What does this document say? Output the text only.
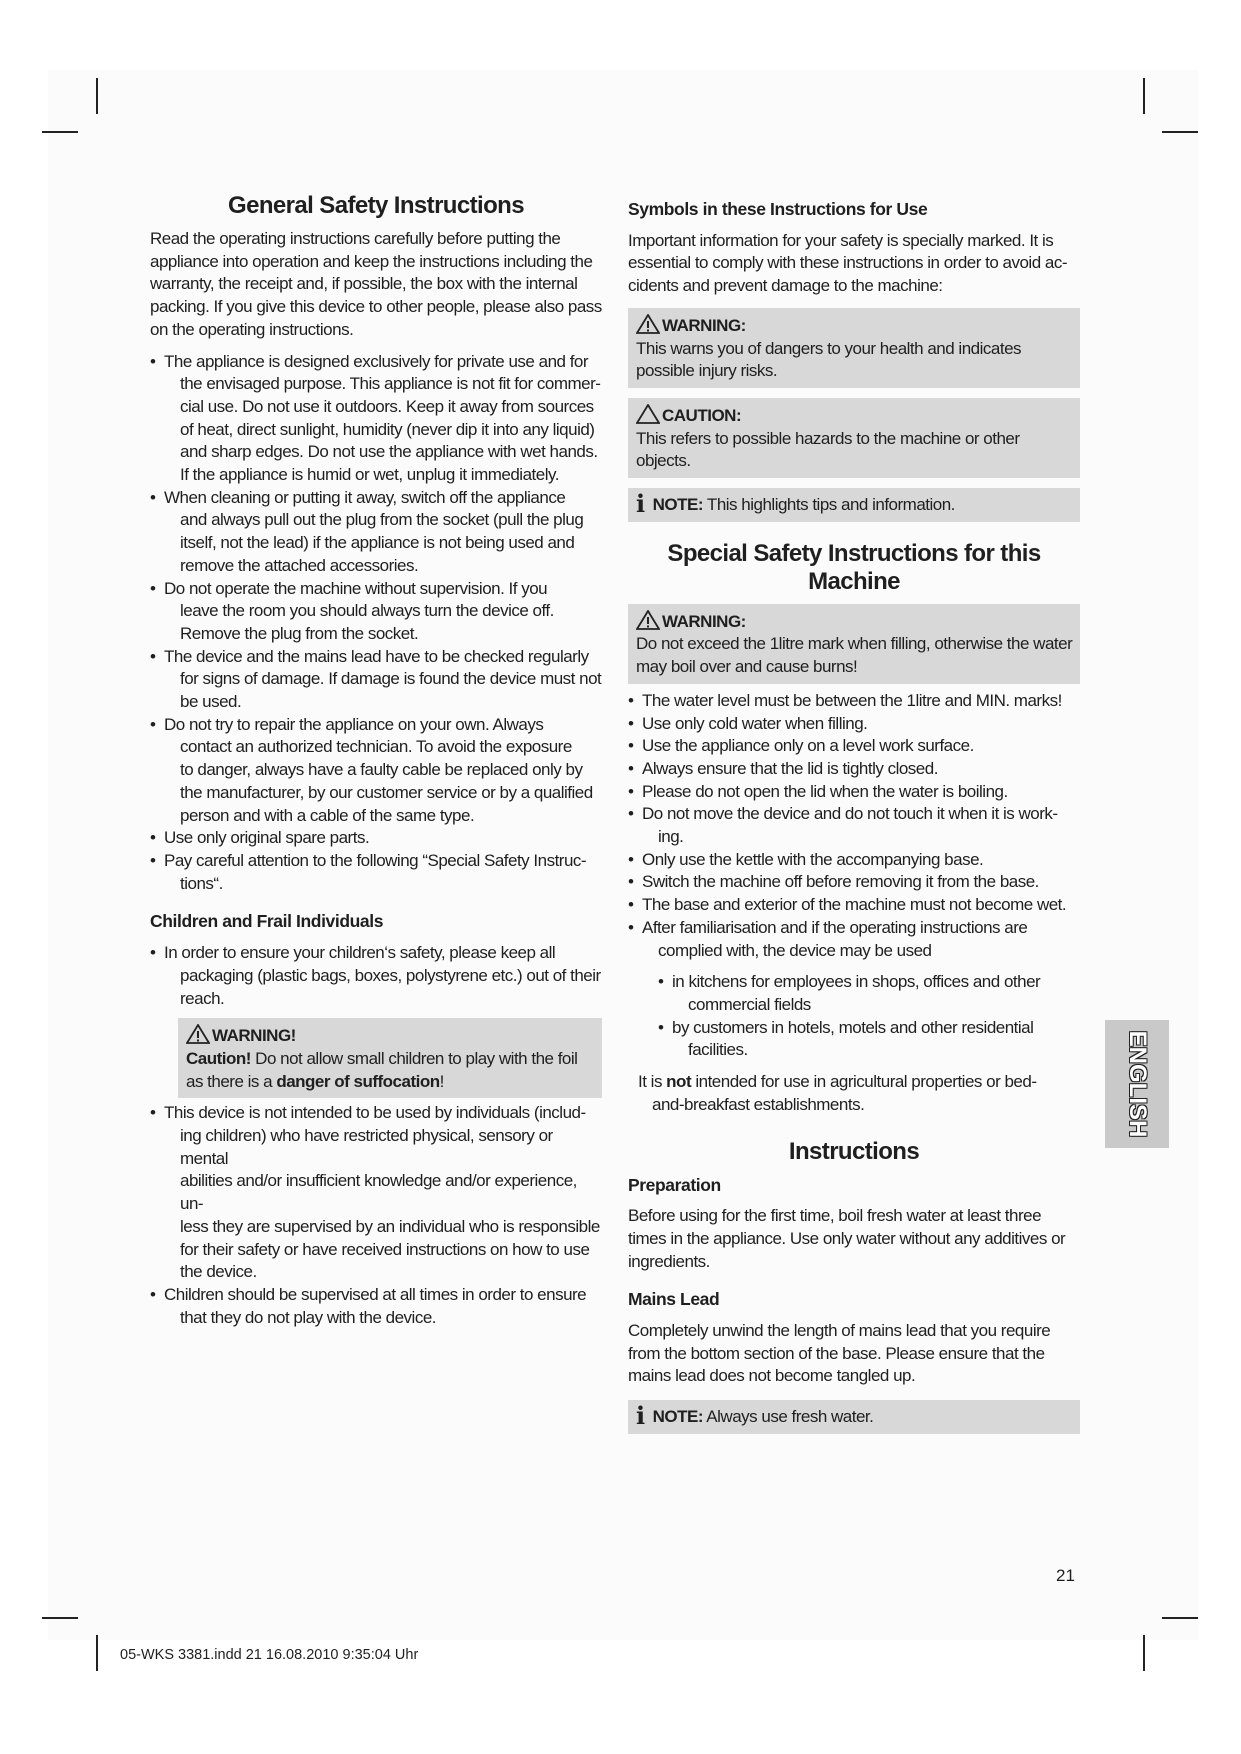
General Safety Instructions

Read the operating instructions carefully before putting the
appliance into operation and keep the instructions including the
warranty, the receipt and, if possible, the box with the internal
packing. If you give this device to other people, please also pass
on the operating instructions.

• The appliance is designed exclusively for private use and for
the envisaged purpose. This appliance is not fit for commer-
cial use. Do not use it outdoors. Keep it away from sources
of heat, direct sunlight, humidity (never dip it into any liquid)
and sharp edges. Do not use the appliance with wet hands.
If the appliance is humid or wet, unplug it immediately.
• When cleaning or putting it away, switch off the appliance
and always pull out the plug from the socket (pull the plug
itself, not the lead) if the appliance is not being used and
remove the attached accessories.
• Do not operate the machine without supervision. If you
leave the room you should always turn the device off.
Remove the plug from the socket.
• The device and the mains lead have to be checked regularly
for signs of damage. If damage is found the device must not
be used.
• Do not try to repair the appliance on your own. Always
contact an authorized technician. To avoid the exposure
to danger, always have a faulty cable be replaced only by
the manufacturer, by our customer service or by a qualified
person and with a cable of the same type.
• Use only original spare parts.
• Pay careful attention to the following “Special Safety Instruc-
tions“.
Children and Frail Individuals
• In order to ensure your children‘s safety, please keep all
packaging (plastic bags, boxes, polystyrene etc.) out of their
reach.
WARNING!
Caution! Do not allow small children to play with the foil
as there is a danger of suffocation!
• This device is not intended to be used by individuals (includ-
ing children) who have restricted physical, sensory or mental
abilities and/or insufficient knowledge and/or experience, un-
less they are supervised by an individual who is responsible
for their safety or have received instructions on how to use
the device.
• Children should be supervised at all times in order to ensure
that they do not play with the device.
Symbols in these Instructions for Use

Important information for your safety is specially marked. It is
essential to comply with these instructions in order to avoid ac-
cidents and prevent damage to the machine:

WARNING:
This warns you of dangers to your health and indicates
possible injury risks.
CAUTION:
This refers to possible hazards to the machine or other
objects.
i NOTE: This highlights tips and information.
Special Safety Instructions for this Machine
WARNING:
Do not exceed the 1litre mark when filling, otherwise the water
may boil over and cause burns!
• The water level must be between the 1litre and MIN. marks!
• Use only cold water when filling.
• Use the appliance only on a level work surface.
• Always ensure that the lid is tightly closed.
• Please do not open the lid when the water is boiling.
• Do not move the device and do not touch it when it is work-
ing.
• Only use the kettle with the accompanying base.
• Switch the machine off before removing it from the base.
• The base and exterior of the machine must not become wet.
• After familiarisation and if the operating instructions are
complied with, the device may be used
• in kitchens for employees in shops, offices and other
commercial fields
• by customers in hotels, motels and other residential
facilities.

It is not intended for use in agricultural properties or bed-
and-breakfast establishments.

Instructions
Preparation

Before using for the first time, boil fresh water at least three
times in the appliance. Use only water without any additives or
ingredients.

Mains Lead

Completely unwind the length of mains lead that you require
from the bottom section of the base. Please ensure that the
mains lead does not become tangled up.

i NOTE: Always use fresh water.
ENGLISH
21
05-WKS 3381.indd 21 16.08.2010 9:35:04 Uhr
